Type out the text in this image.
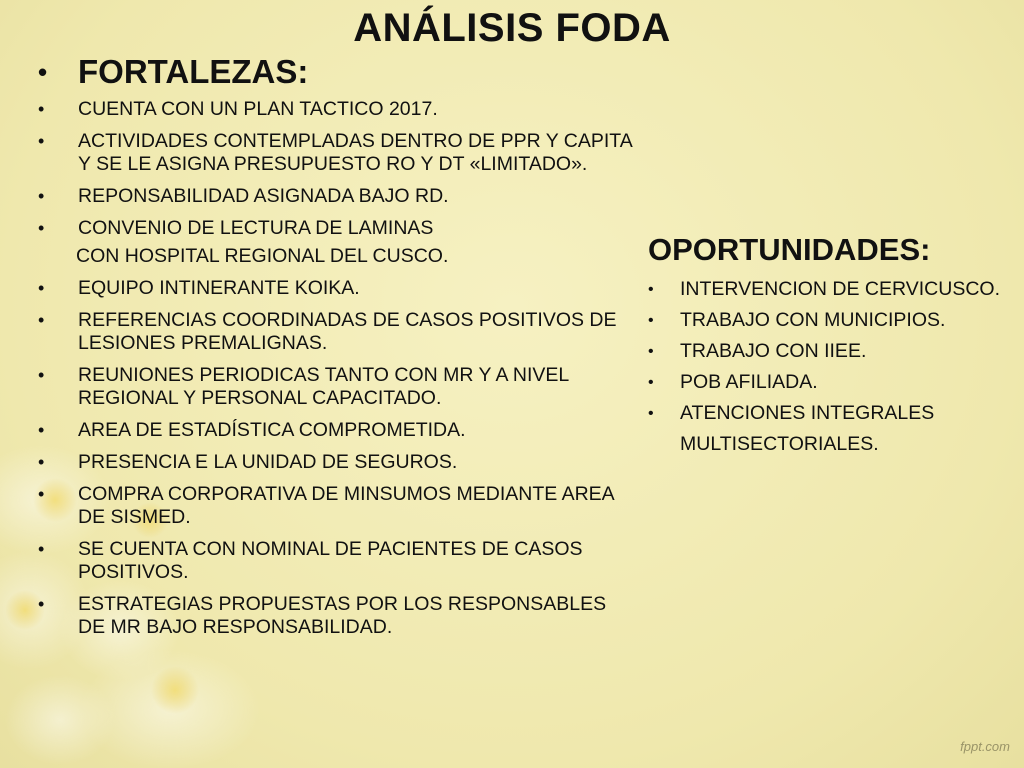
ANÁLISIS FODA
• FORTALEZAS:
• CUENTA CON UN PLAN TACTICO 2017.
• ACTIVIDADES CONTEMPLADAS DENTRO DE PPR Y CAPITA Y SE LE ASIGNA PRESUPUESTO RO Y DT «LIMITADO».
• REPONSABILIDAD ASIGNADA BAJO RD.
• CONVENIO DE LECTURA DE LAMINAS
CON HOSPITAL REGIONAL DEL CUSCO.
• EQUIPO INTINERANTE KOIKA.
• REFERENCIAS COORDINADAS DE CASOS POSITIVOS DE LESIONES PREMALIGNAS.
• REUNIONES PERIODICAS TANTO CON MR Y A NIVEL REGIONAL Y PERSONAL CAPACITADO.
• AREA DE ESTADÍSTICA COMPROMETIDA.
• PRESENCIA E LA UNIDAD DE SEGUROS.
• COMPRA CORPORATIVA DE MINSUMOS MEDIANTE AREA DE SISMED.
• SE CUENTA CON NOMINAL DE PACIENTES DE CASOS POSITIVOS.
• ESTRATEGIAS PROPUESTAS POR LOS RESPONSABLES DE MR BAJO RESPONSABILIDAD.
OPORTUNIDADES:
• INTERVENCION DE CERVICUSCO.
• TRABAJO CON MUNICIPIOS.
• TRABAJO CON IIEE.
• POB AFILIADA.
• ATENCIONES INTEGRALES MULTISECTORIALES.
fppt.com
